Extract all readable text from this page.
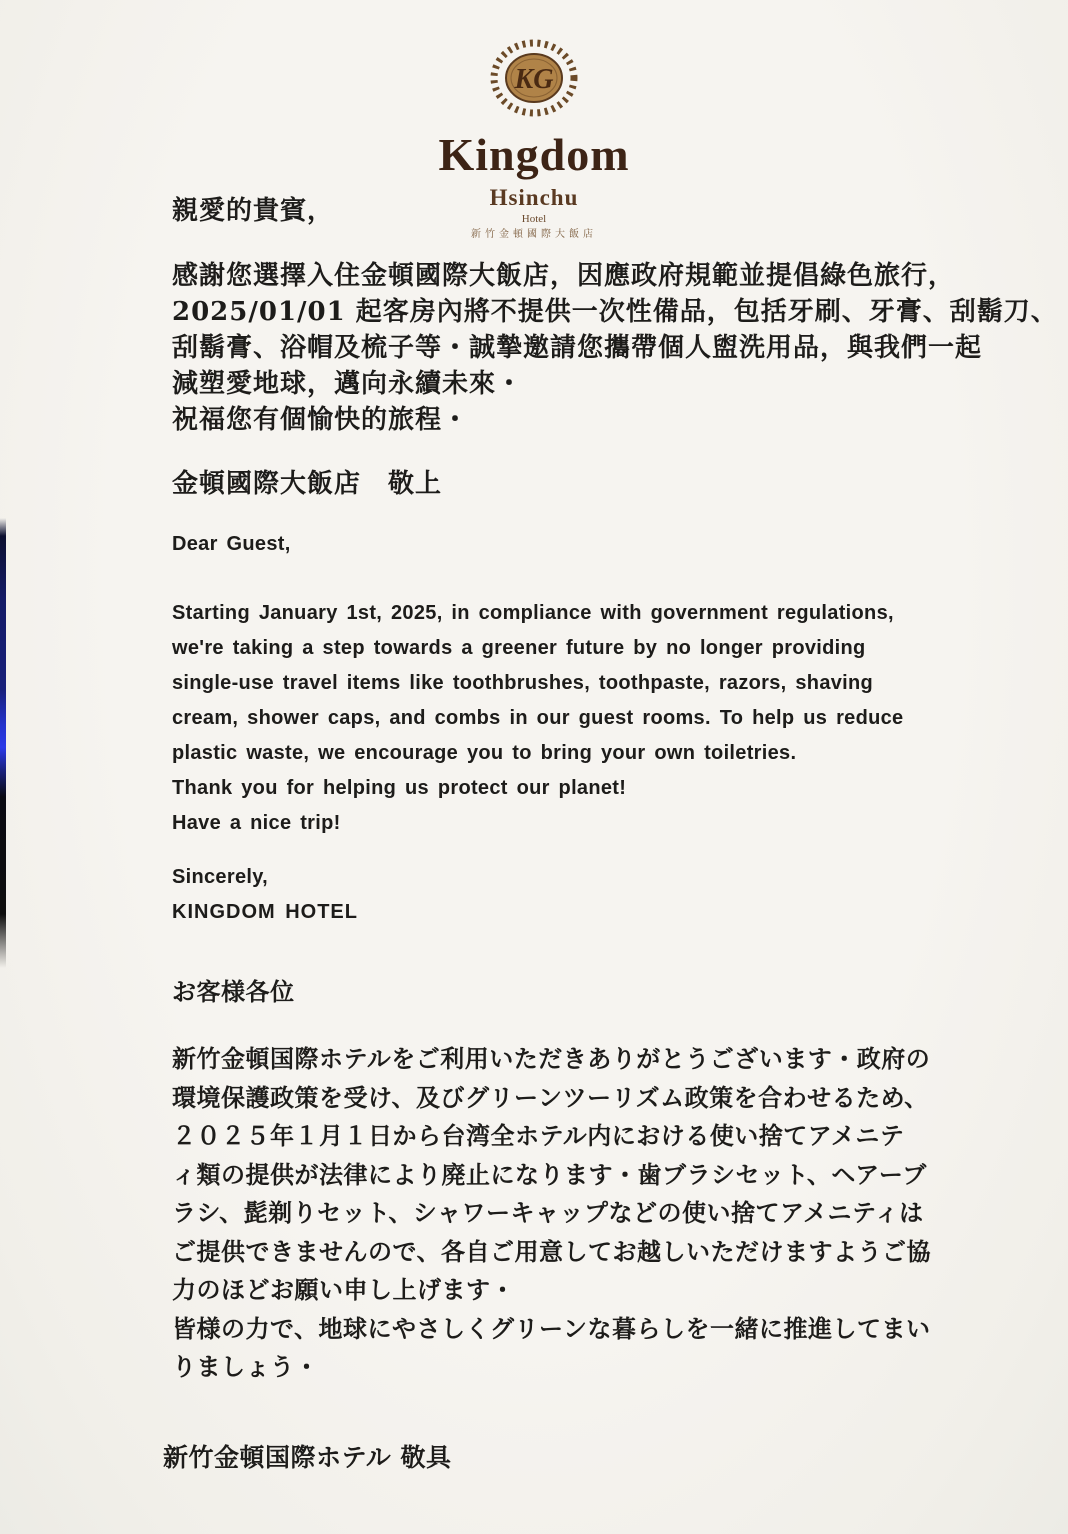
KG
Kingdom
Hsinchu
Hotel
新竹金頓國際大飯店
親愛的貴賓，
感謝您選擇入住金頓國際大飯店，因應政府規範並提倡綠色旅行，
2025/01/01 起客房內將不提供一次性備品，包括牙刷、牙膏、刮鬍刀、
刮鬍膏、浴帽及梳子等・誠摯邀請您攜帶個人盥洗用品，與我們一起
減塑愛地球，邁向永續未來・
祝福您有個愉快的旅程・
金頓國際大飯店　敬上
Dear Guest,
Starting January 1st, 2025, in compliance with government regulations,
we're taking a step towards a greener future by no longer providing
single-use travel items like toothbrushes, toothpaste, razors, shaving
cream, shower caps, and combs in our guest rooms. To help us reduce
plastic waste, we encourage you to bring your own toiletries.
Thank you for helping us protect our planet!
Have a nice trip!
Sincerely,
KINGDOM HOTEL
お客様各位
新竹金頓国際ホテルをご利用いただきありがとうございます・政府の
環境保護政策を受け、及びグリーンツーリズム政策を合わせるため、
２０２５年１月１日から台湾全ホテル内における使い捨てアメニテ
ィ類の提供が法律により廃止になります・歯ブラシセット、ヘアーブ
ラシ、髭剃りセット、シャワーキャップなどの使い捨てアメニティは
ご提供できませんので、各自ご用意してお越しいただけますようご協
力のほどお願い申し上げます・
皆様の力で、地球にやさしくグリーンな暮らしを一緒に推進してまい
りましょう・
新竹金頓国際ホテル 敬具
